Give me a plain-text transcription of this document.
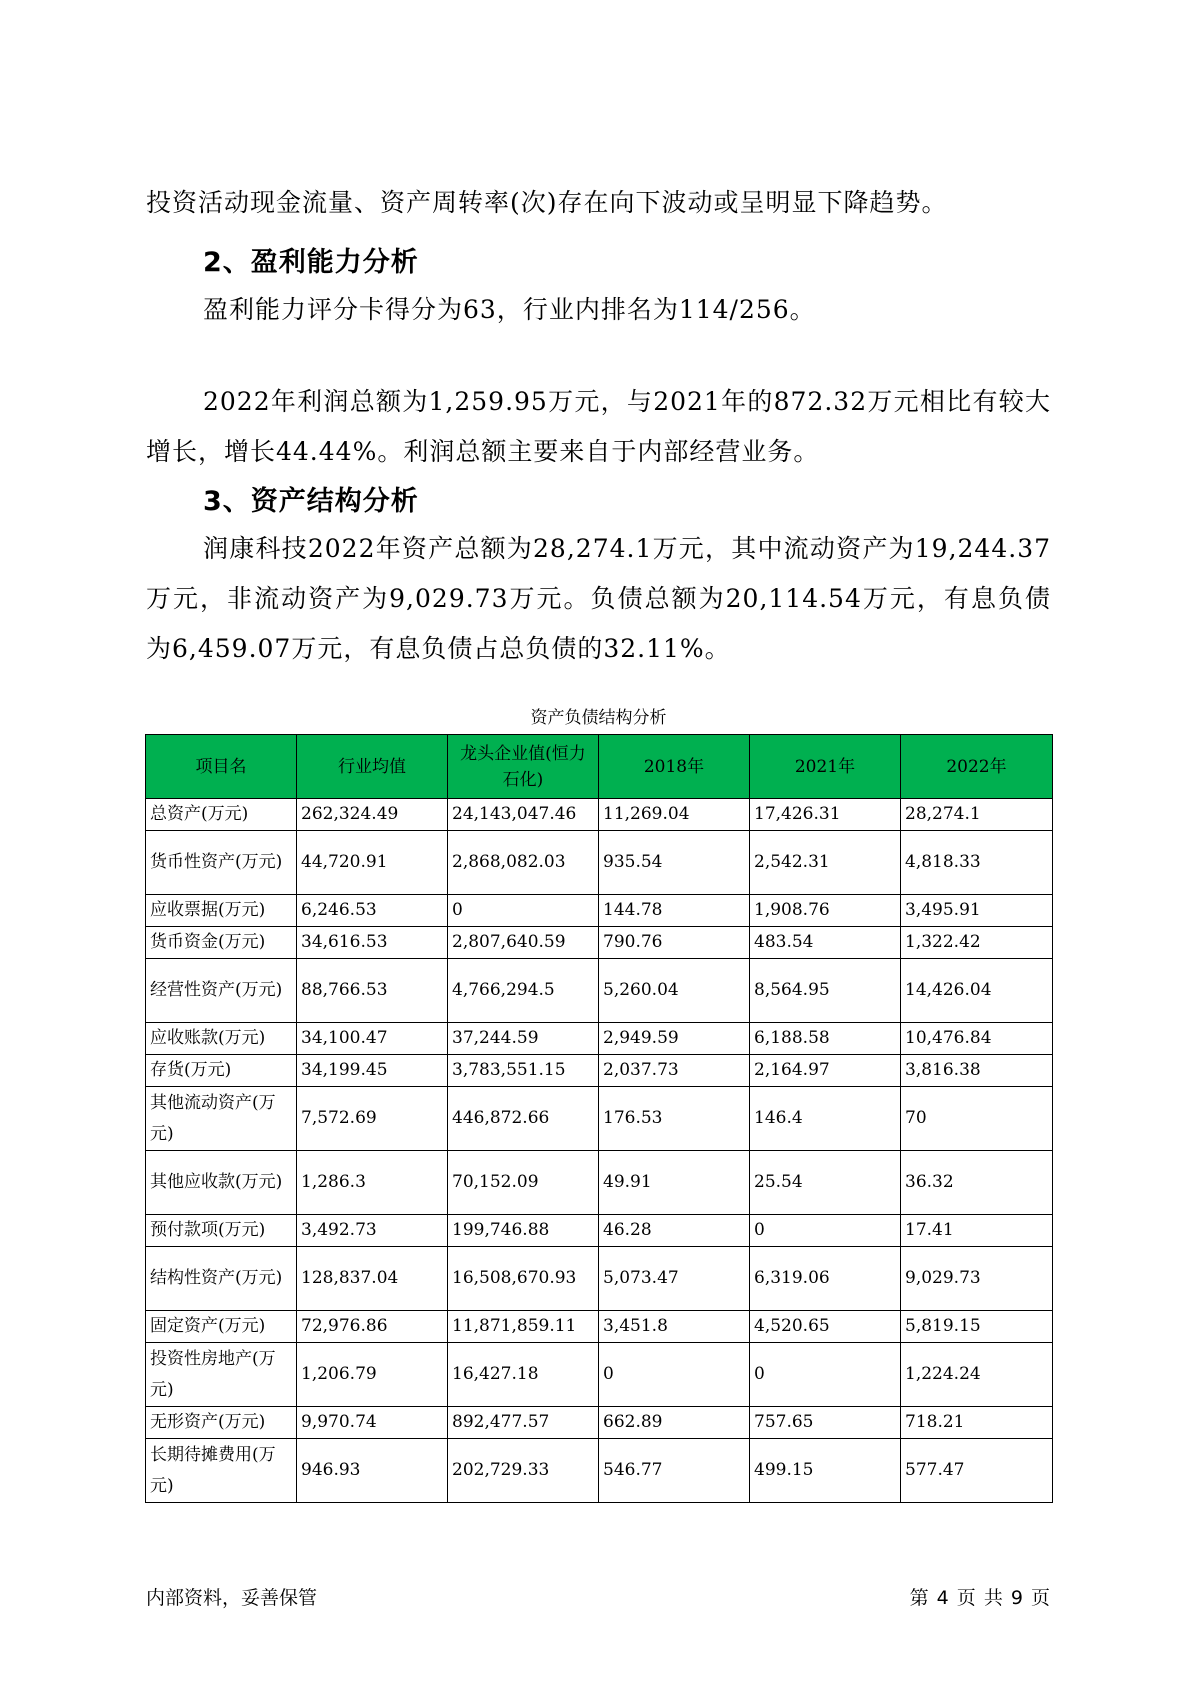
投资活动现金流量、资产周转率(次)存在向下波动或呈明显下降趋势。

2、盈利能力分析

盈利能力评分卡得分为63，行业内排名为114/256。

2022年利润总额为1,259.95万元，与2021年的872.32万元相比有较大增长，增长44.44%。利润总额主要来自于内部经营业务。

3、资产结构分析

润康科技2022年资产总额为28,274.1万元，其中流动资产为19,244.37万元，非流动资产为9,029.73万元。负债总额为20,114.54万元，有息负债为6,459.07万元，有息负债占总负债的32.11%。

资产负债结构分析

项目名	行业均值	龙头企业值(恒力石化)	2018年	2021年	2022年
总资产(万元)	262,324.49	24,143,047.46	11,269.04	17,426.31	28,274.1
货币性资产(万元)	44,720.91	2,868,082.03	935.54	2,542.31	4,818.33
应收票据(万元)	6,246.53	0	144.78	1,908.76	3,495.91
货币资金(万元)	34,616.53	2,807,640.59	790.76	483.54	1,322.42
经营性资产(万元)	88,766.53	4,766,294.5	5,260.04	8,564.95	14,426.04
应收账款(万元)	34,100.47	37,244.59	2,949.59	6,188.58	10,476.84
存货(万元)	34,199.45	3,783,551.15	2,037.73	2,164.97	3,816.38
其他流动资产(万元)	7,572.69	446,872.66	176.53	146.4	70
其他应收款(万元)	1,286.3	70,152.09	49.91	25.54	36.32
预付款项(万元)	3,492.73	199,746.88	46.28	0	17.41
结构性资产(万元)	128,837.04	16,508,670.93	5,073.47	6,319.06	9,029.73
固定资产(万元)	72,976.86	11,871,859.11	3,451.8	4,520.65	5,819.15
投资性房地产(万元)	1,206.79	16,427.18	0	0	1,224.24
无形资产(万元)	9,970.74	892,477.57	662.89	757.65	718.21
长期待摊费用(万元)	946.93	202,729.33	546.77	499.15	577.47
内部资料，妥善保管	第 4 页 共 9 页
